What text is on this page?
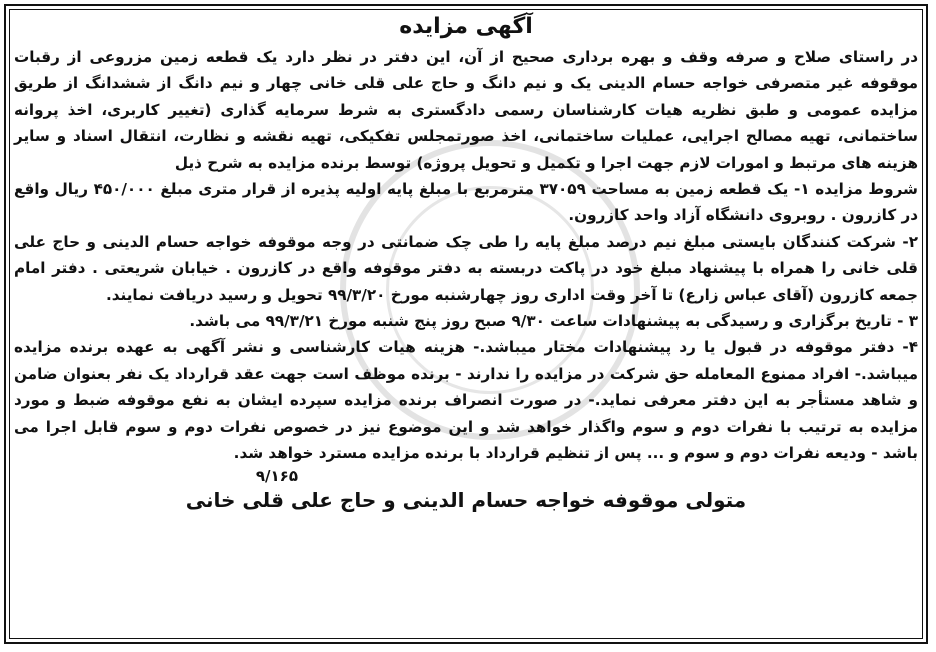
آگهی مزایده

در راستای صلاح و صرفه وقف و بهره برداری صحیح از آن، این دفتر در نظر دارد یک قطعه زمین مزروعی از رقبات موقوفه غیر متصرفی خواجه حسام الدینی یک و نیم دانگ و حاج علی قلی خانی چهار و نیم دانگ از ششدانگ از طریق مزایده عمومی و طبق نظریه هیات کارشناسان رسمی دادگستری به شرط سرمایه گذاری (تغییر کاربری، اخذ پروانه ساختمانی، تهیه مصالح اجرایی، عملیات ساختمانی، اخذ صورتمجلس تفکیکی، تهیه نقشه و نظارت، انتقال اسناد و سایر هزینه های مرتبط و امورات لازم جهت اجرا و تکمیل و تحویل پروژه) توسط برنده مزایده به شرح ذیل

شروط مزایده ۱- یک قطعه زمین به مساحت ۳۷۰۵۹ مترمربع با مبلغ پایه اولیه پذیره از قرار متری مبلغ ۴۵۰/۰۰۰ ریال واقع در کازرون . روبروی دانشگاه آزاد واحد کازرون.

۲- شرکت کنندگان بایستی مبلغ نیم درصد مبلغ پایه را طی چک ضمانتی در وجه موقوفه خواجه حسام الدینی و حاج علی قلی خانی را همراه با پیشنهاد مبلغ خود در پاکت دربسته به دفتر موقوفه واقع در کازرون . خیابان شریعتی . دفتر امام جمعه کازرون (آقای عباس زارع) تا آخر وقت اداری روز چهارشنبه مورخ ۹۹/۳/۲۰ تحویل و رسید دریافت نمایند.

۳ - تاریخ برگزاری و رسیدگی به پیشنهادات ساعت ۹/۳۰ صبح روز پنج شنبه مورخ ۹۹/۳/۲۱ می باشد.

۴- دفتر موقوفه در قبول یا رد پیشنهادات مختار میباشد.- هزینه هیات کارشناسی و نشر آگهی به عهده برنده مزایده میباشد.- افراد ممنوع المعامله حق شرکت در مزایده را ندارند - برنده موظف است جهت عقد قرارداد یک نفر بعنوان ضامن و شاهد مستأجر به این دفتر معرفی نماید.- در صورت انصراف برنده مزایده سپرده ایشان به نفع موقوفه ضبط و مورد مزایده به ترتیب با نفرات دوم و سوم واگذار خواهد شد و این موضوع نیز در خصوص نفرات دوم و سوم قابل اجرا می باشد - ودیعه نفرات دوم و سوم و ... پس از تنظیم قرارداد با برنده مزایده مسترد خواهد شد.

۹/۱۶۵

متولی موقوفه خواجه حسام الدینی و حاج علی قلی خانی
